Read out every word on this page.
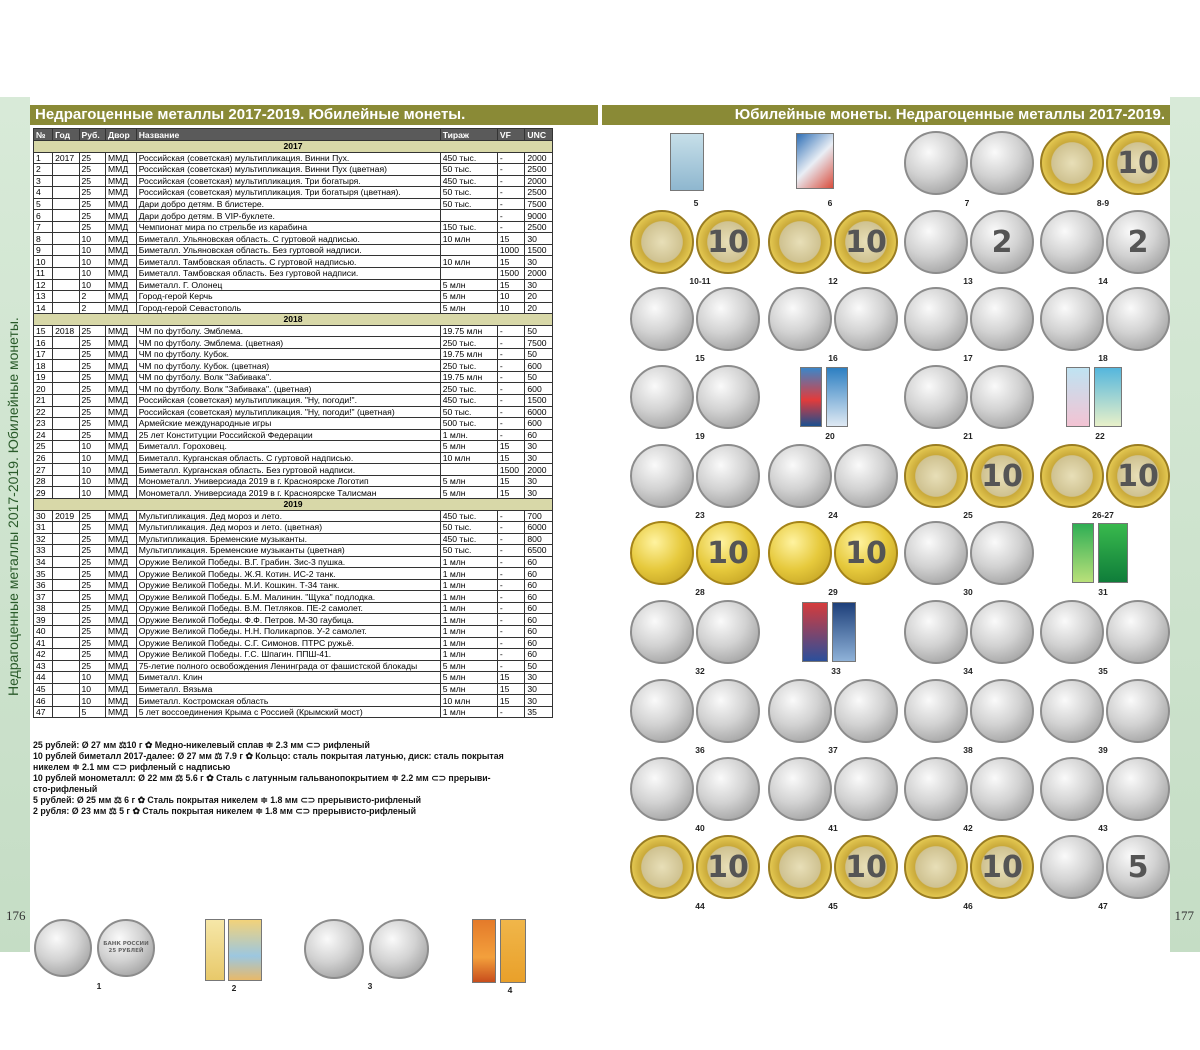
Недрагоценные металлы 2017-2019. Юбилейные монеты.
176
Недрагоценные металлы 2017-2019. Юбилейные монеты.
№	Год	Руб.	Двор	Название	Тираж	VF	UNC
2017							
1	2017	25	ММД	Российская (советская) мультипликация. Винни Пух.	450 тыс.	-	2000
2		25	ММД	Российская (советская) мультипликация. Винни Пух (цветная)	50 тыс.	-	2500
3		25	ММД	Российская (советская) мультипликация. Три богатыря.	450 тыс.	-	2000
4		25	ММД	Российская (советская) мультипликация. Три богатыря (цветная).	50 тыс.	-	2500
5		25	ММД	Дари добро детям. В блистере.	50 тыс.	-	7500
6		25	ММД	Дари добро детям. В VIP-буклете.		-	9000
7		25	ММД	Чемпионат мира по стрельбе из карабина	150 тыс.	-	2500
8		10	ММД	Биметалл. Ульяновская область. С гуртовой надписью.	10 млн	15	30
9		10	ММД	Биметалл. Ульяновская область. Без гуртовой надписи.		1000	1500
10		10	ММД	Биметалл. Тамбовская область. С гуртовой надписью.	10 млн	15	30
11		10	ММД	Биметалл. Тамбовская область. Без гуртовой надписи.		1500	2000
12		10	ММД	Биметалл. Г. Олонец	5 млн	15	30
13		2	ММД	Город-герой Керчь	5 млн	10	20
14		2	ММД	Город-герой Севастополь	5 млн	10	20
2018							
15	2018	25	ММД	ЧМ по футболу. Эмблема.	19.75 млн	-	50
16		25	ММД	ЧМ по футболу. Эмблема. (цветная)	250 тыс.	-	7500
17		25	ММД	ЧМ по футболу. Кубок.	19.75 млн	-	50
18		25	ММД	ЧМ по футболу. Кубок. (цветная)	250 тыс.	-	600
19		25	ММД	ЧМ по футболу. Волк "Забивака".	19.75 млн	-	50
20		25	ММД	ЧМ по футболу. Волк "Забивака". (цветная)	250 тыс.	-	600
21		25	ММД	Российская (советская) мультипликация. "Ну, погоди!".	450 тыс.	-	1500
22		25	ММД	Российская (советская) мультипликация. "Ну, погоди!" (цветная)	50 тыс.	-	6000
23		25	ММД	Армейские международные игры	500 тыс.	-	600
24		25	ММД	25 лет Конституции Российской Федерации	1 млн.	-	60
25		10	ММД	Биметалл. Гороховец.	5 млн	15	30
26		10	ММД	Биметалл. Курганская область. С гуртовой надписью.	10 млн	15	30
27		10	ММД	Биметалл. Курганская область. Без гуртовой надписи.		1500	2000
28		10	ММД	Монометалл. Универсиада 2019 в г. Красноярске Логотип	5 млн	15	30
29		10	ММД	Монометалл. Универсиада 2019 в г. Красноярске Талисман	5 млн	15	30
2019							
30	2019	25	ММД	Мультипликация. Дед мороз и лето.	450 тыс.	-	700
31		25	ММД	Мультипликация. Дед мороз и лето. (цветная)	50 тыс.	-	6000
32		25	ММД	Мультипликация. Бременские музыканты.	450 тыс.	-	800
33		25	ММД	Мультипликация. Бременские музыканты (цветная)	50 тыс.	-	6500
34		25	ММД	Оружие Великой Победы. В.Г. Грабин. Зис-3 пушка.	1 млн	-	60
35		25	ММД	Оружие Великой Победы. Ж.Я. Котин. ИС-2 танк.	1 млн	-	60
36		25	ММД	Оружие Великой Победы. М.И. Кошкин. Т-34 танк.	1 млн	-	60
37		25	ММД	Оружие Великой Победы. Б.М. Малинин. "Щука" подлодка.	1 млн	-	60
38		25	ММД	Оружие Великой Победы. В.М. Петляков. ПЕ-2 самолет.	1 млн	-	60
39		25	ММД	Оружие Великой Победы. Ф.Ф. Петров. М-30 гаубица.	1 млн	-	60
40		25	ММД	Оружие Великой Победы. Н.Н. Поликарпов. У-2 самолет.	1 млн	-	60
41		25	ММД	Оружие Великой Победы. С.Г. Симонов. ПТРС ружьё.	1 млн	-	60
42		25	ММД	Оружие Великой Победы. Г.С. Шпагин. ППШ-41.	1 млн	-	60
43		25	ММД	75-летие полного освобождения Ленинграда от фашистской блокады	5 млн	-	50
44		10	ММД	Биметалл. Клин	5 млн	15	30
45		10	ММД	Биметалл. Вязьма	5 млн	15	30
46		10	ММД	Биметалл. Костромская область	10 млн	15	30
47		5	ММД	5 лет воссоединения Крыма с Россией (Крымский мост)	1 млн	-	35
25 рублей: Ø 27 мм ⚖10 г ✿ Медно-никелевый сплав ≑ 2.3 мм ⊂⊃ рифленый
10 рублей биметалл 2017-далее: Ø 27 мм ⚖ 7.9 г ✿ Кольцо: сталь покрытая латунью, диск: сталь покрытая
никелем ≑ 2.1 мм ⊂⊃ рифленый с надписью
10 рублей монометалл: Ø 22 мм ⚖ 5.6 г ✿ Сталь с латунным гальванопокрытием ≑ 2.2 мм ⊂⊃ прерыви-
сто-рифленый
5 рублей: Ø 25 мм ⚖ 6 г ✿ Сталь покрытая никелем ≑ 1.8 мм ⊂⊃ прерывисто-рифленый
2 рубля: Ø 23 мм ⚖ 5 г ✿ Сталь покрытая никелем ≑ 1.8 мм ⊂⊃ прерывисто-рифленый
БАНК РОССИИ
25 РУБЛЕЙ
1	2	3	4
177
Юбилейные монеты. Недрагоценные металлы 2017-2019.
10
5	6	7	8-9
10	10	2	2
10-11	12	13	14
15	16	17	18
19	20	21	22
10	10
23	24	25	26-27
10	10
28	29	30	31
32	33	34	35
36	37	38	39
40	41	42	43
10	10	10	5
44	45	46	47
